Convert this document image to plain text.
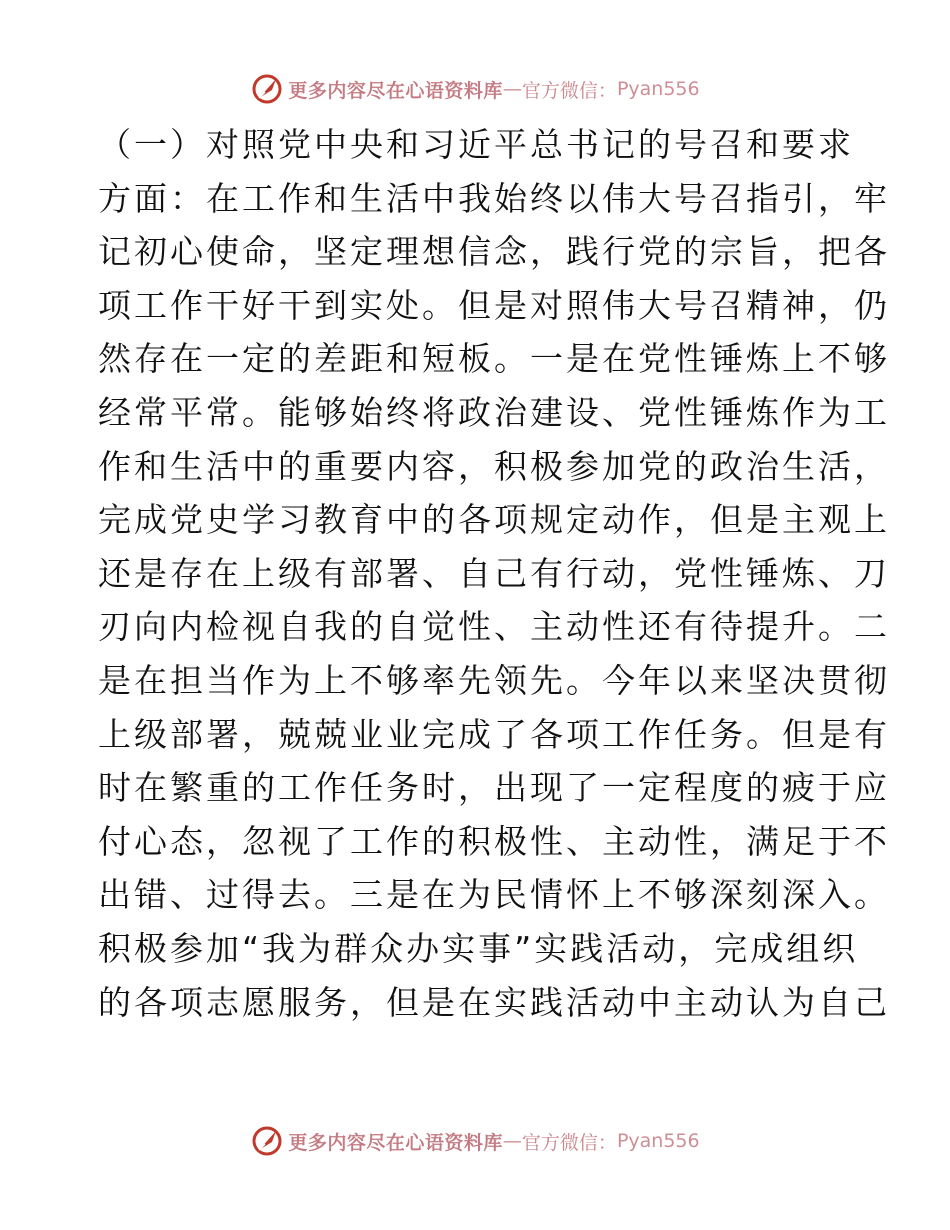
更多内容尽在心语资料库 — 官方微信： Pyan556
（一）对照党中央和习近平总书记的号召和要求
方面：在工作和生活中我始终以伟大号召指引，牢
记初心使命，坚定理想信念，践行党的宗旨，把各
项工作干好干到实处。但是对照伟大号召精神，仍
然存在一定的差距和短板。一是在党性锤炼上不够
经常平常。能够始终将政治建设、党性锤炼作为工
作和生活中的重要内容，积极参加党的政治生活，
完成党史学习教育中的各项规定动作，但是主观上
还是存在上级有部署、自己有行动，党性锤炼、刀
刃向内检视自我的自觉性、主动性还有待提升。二
是在担当作为上不够率先领先。今年以来坚决贯彻
上级部署，兢兢业业完成了各项工作任务。但是有
时在繁重的工作任务时，出现了一定程度的疲于应
付心态，忽视了工作的积极性、主动性，满足于不
出错、过得去。三是在为民情怀上不够深刻深入。
积极参加“我为群众办实事”实践活动，完成组织
的各项志愿服务，但是在实践活动中主动认为自己
更多内容尽在心语资料库 — 官方微信： Pyan556
